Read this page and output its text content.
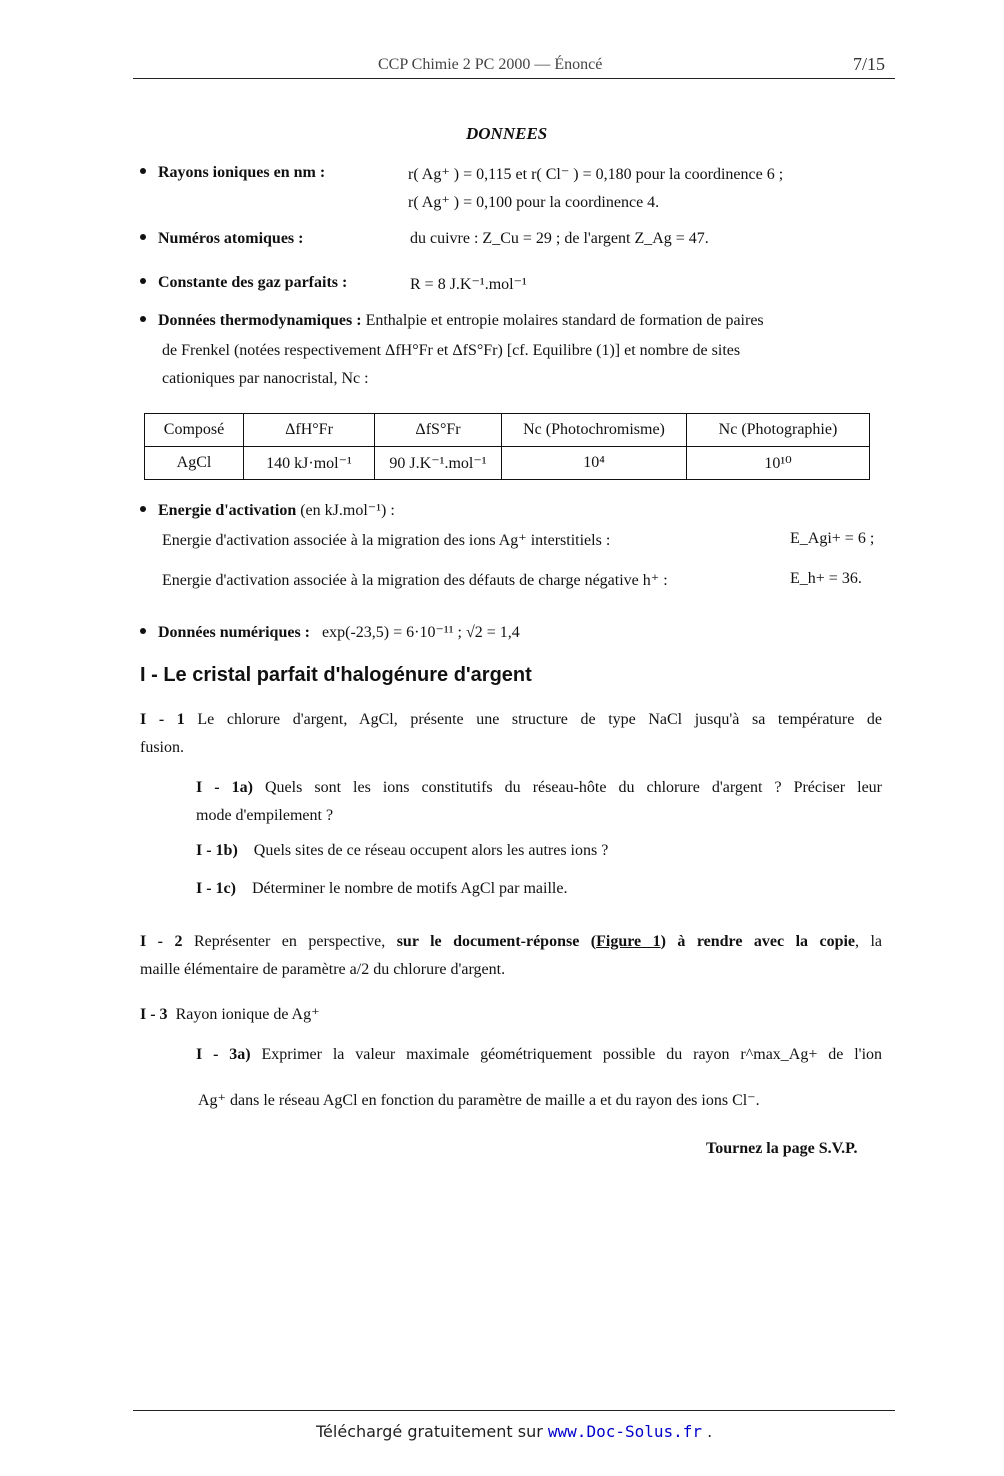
CCP Chimie 2 PC 2000 — Énoncé	7/15
DONNEES
Rayons ioniques en nm :	r( Ag⁺ ) = 0,115 et r( Cl⁻ ) = 0,180 pour la coordinence 6 ;
r( Ag⁺ ) = 0,100 pour la coordinence 4.
Numéros atomiques :	du cuivre : Z_Cu = 29 ; de l'argent Z_Ag = 47.
Constante des gaz parfaits :	R = 8 J.K⁻¹.mol⁻¹
Données thermodynamiques : Enthalpie et entropie molaires standard de formation de paires
de Frenkel (notées respectivement ΔfH°Fr et ΔfS°Fr) [cf. Equilibre (1)] et nombre de sites
cationiques par nanocristal, Nc :
Composé	ΔfH°Fr	ΔfS°Fr	Nc (Photochromisme)	Nc (Photographie)
AgCl	140 kJ·mol⁻¹	90 J.K⁻¹.mol⁻¹	10⁴	10¹⁰
Energie d'activation (en kJ.mol⁻¹) :
Energie d'activation associée à la migration des ions Ag⁺ interstitiels :	E_Agi+ = 6 ;
Energie d'activation associée à la migration des défauts de charge négative h⁺ :	E_h+ = 36.
Données numériques : exp(-23,5) = 6·10⁻¹¹ ; √2 = 1,4
I - Le cristal parfait d'halogénure d'argent
I - 1 Le chlorure d'argent, AgCl, présente une structure de type NaCl jusqu'à sa température de
fusion.
I - 1a) Quels sont les ions constitutifs du réseau-hôte du chlorure d'argent ? Préciser leur
mode d'empilement ?
I - 1b) Quels sites de ce réseau occupent alors les autres ions ?
I - 1c) Déterminer le nombre de motifs AgCl par maille.
I - 2 Représenter en perspective, sur le document-réponse (Figure 1) à rendre avec la copie, la
maille élémentaire de paramètre a/2 du chlorure d'argent.
I - 3 Rayon ionique de Ag⁺
I - 3a) Exprimer la valeur maximale géométriquement possible du rayon r^max_Ag+ de l'ion
Ag⁺ dans le réseau AgCl en fonction du paramètre de maille a et du rayon des ions Cl⁻.
Tournez la page S.V.P.
Téléchargé gratuitement sur www.Doc-Solus.fr .
